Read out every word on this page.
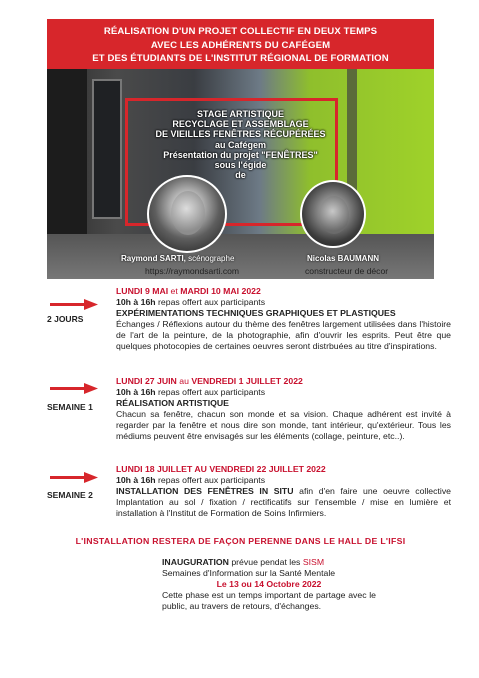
RÉALISATION D'UN PROJET COLLECTIF EN DEUX TEMPS
AVEC LES ADHÉRENTS DU CAFÉGEM
ET DES ÉTUDIANTS DE L'INSTITUT RÉGIONAL DE FORMATION
STAGE ARTISTIQUE
RECYCLAGE ET ASSEMBLAGE
DE VIEILLES FENÊTRES RÉCUPÉRÉES
au Cafégem
Présentation du projet "FENÊTRES"
sous l'égide
de
Raymond SARTI, scénographe	Nicolas BAUMANN
https://raymondsarti.com	constructeur de décor
2 JOURS
SEMAINE 1
SEMAINE 2
LUNDI 9 MAI et MARDI 10 MAI 2022
10h à 16h repas offert aux participants
EXPÉRIMENTATIONS TECHNIQUES GRAPHIQUES ET PLASTIQUES

Échanges / Réflexions autour du thème des fenêtres largement utilisées dans l'histoire de l'art de la peinture, de la photographie, afin d'ouvrir les esprits. Peut être que quelques photocopies de certaines oeuvres seront distrbuées au titre d'inspirations.

LUNDI 27 JUIN au VENDREDI 1 JUILLET 2022
10h à 16h repas offert aux participants
RÉALISATION ARTISTIQUE

Chacun sa fenêtre, chacun son monde et sa vision. Chaque adhérent est invité à regarder par la fenêtre et nous dire son monde, tant intérieur, qu'extérieur. Tous les médiums peuvent être envisagés sur les éléments (collage, peinture, etc..).

LUNDI 18 JUILLET AU VENDREDI 22 JUILLET 2022
10h à 16h repas offert aux participants

INSTALLATION DES FENÊTRES IN SITU afin d'en faire une oeuvre collective Implantation au sol / fixation / rectificatifs sur l'ensemble / mise en lumière et installation à l'Institut de Formation de Soins Infirmiers.

L'INSTALLATION RESTERA DE FAÇON PERENNE DANS LE HALL DE L'IFSI
INAUGURATION prévue pendat les SISM
Semaines d'Information sur la Santé Mentale
Le 13 ou 14 Octobre 2022

Cette phase est un temps important de partage avec le public, au travers de retours, d'échanges.
